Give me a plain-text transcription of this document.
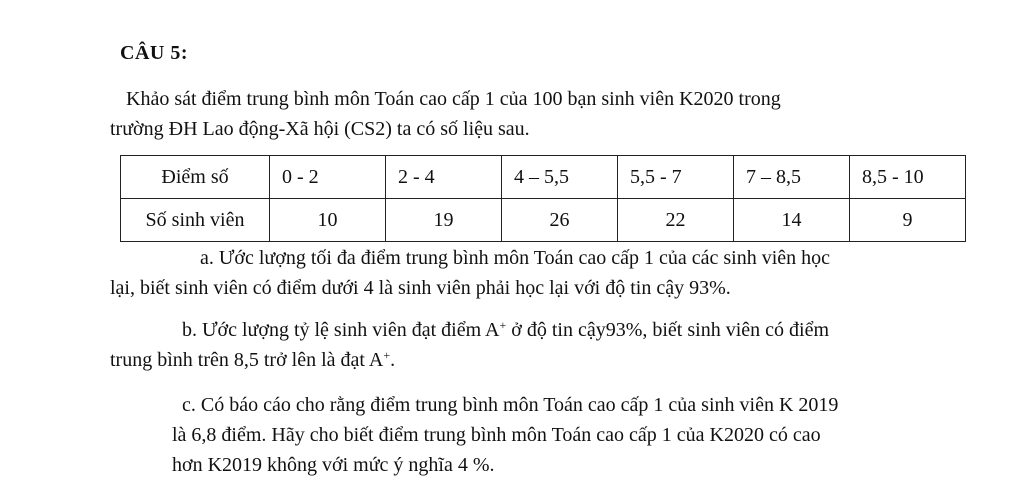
CÂU 5:

Khảo sát điểm trung bình môn Toán cao cấp 1 của 100 bạn sinh viên K2020 trong
trường ĐH Lao động-Xã hội (CS2) ta có số liệu sau.

Điểm số	0 - 2	2 - 4	4 – 5,5	5,5 - 7	7 – 8,5	8,5 - 10
Số sinh viên	10	19	26	22	14	9

a. Ước lượng tối đa điểm trung bình môn Toán cao cấp 1 của các sinh viên học
lại, biết sinh viên có điểm dưới 4 là sinh viên phải học lại với độ tin cậy 93%.

b. Ước lượng tỷ lệ sinh viên đạt điểm A+ ở độ tin cậy93%, biết sinh viên có điểm
trung bình trên 8,5 trở lên là đạt A+.

c. Có báo cáo cho rằng điểm trung bình môn Toán cao cấp 1 của sinh viên K 2019
là 6,8 điểm. Hãy cho biết điểm trung bình môn Toán cao cấp 1 của K2020 có cao
hơn K2019 không với mức ý nghĩa 4 %.
